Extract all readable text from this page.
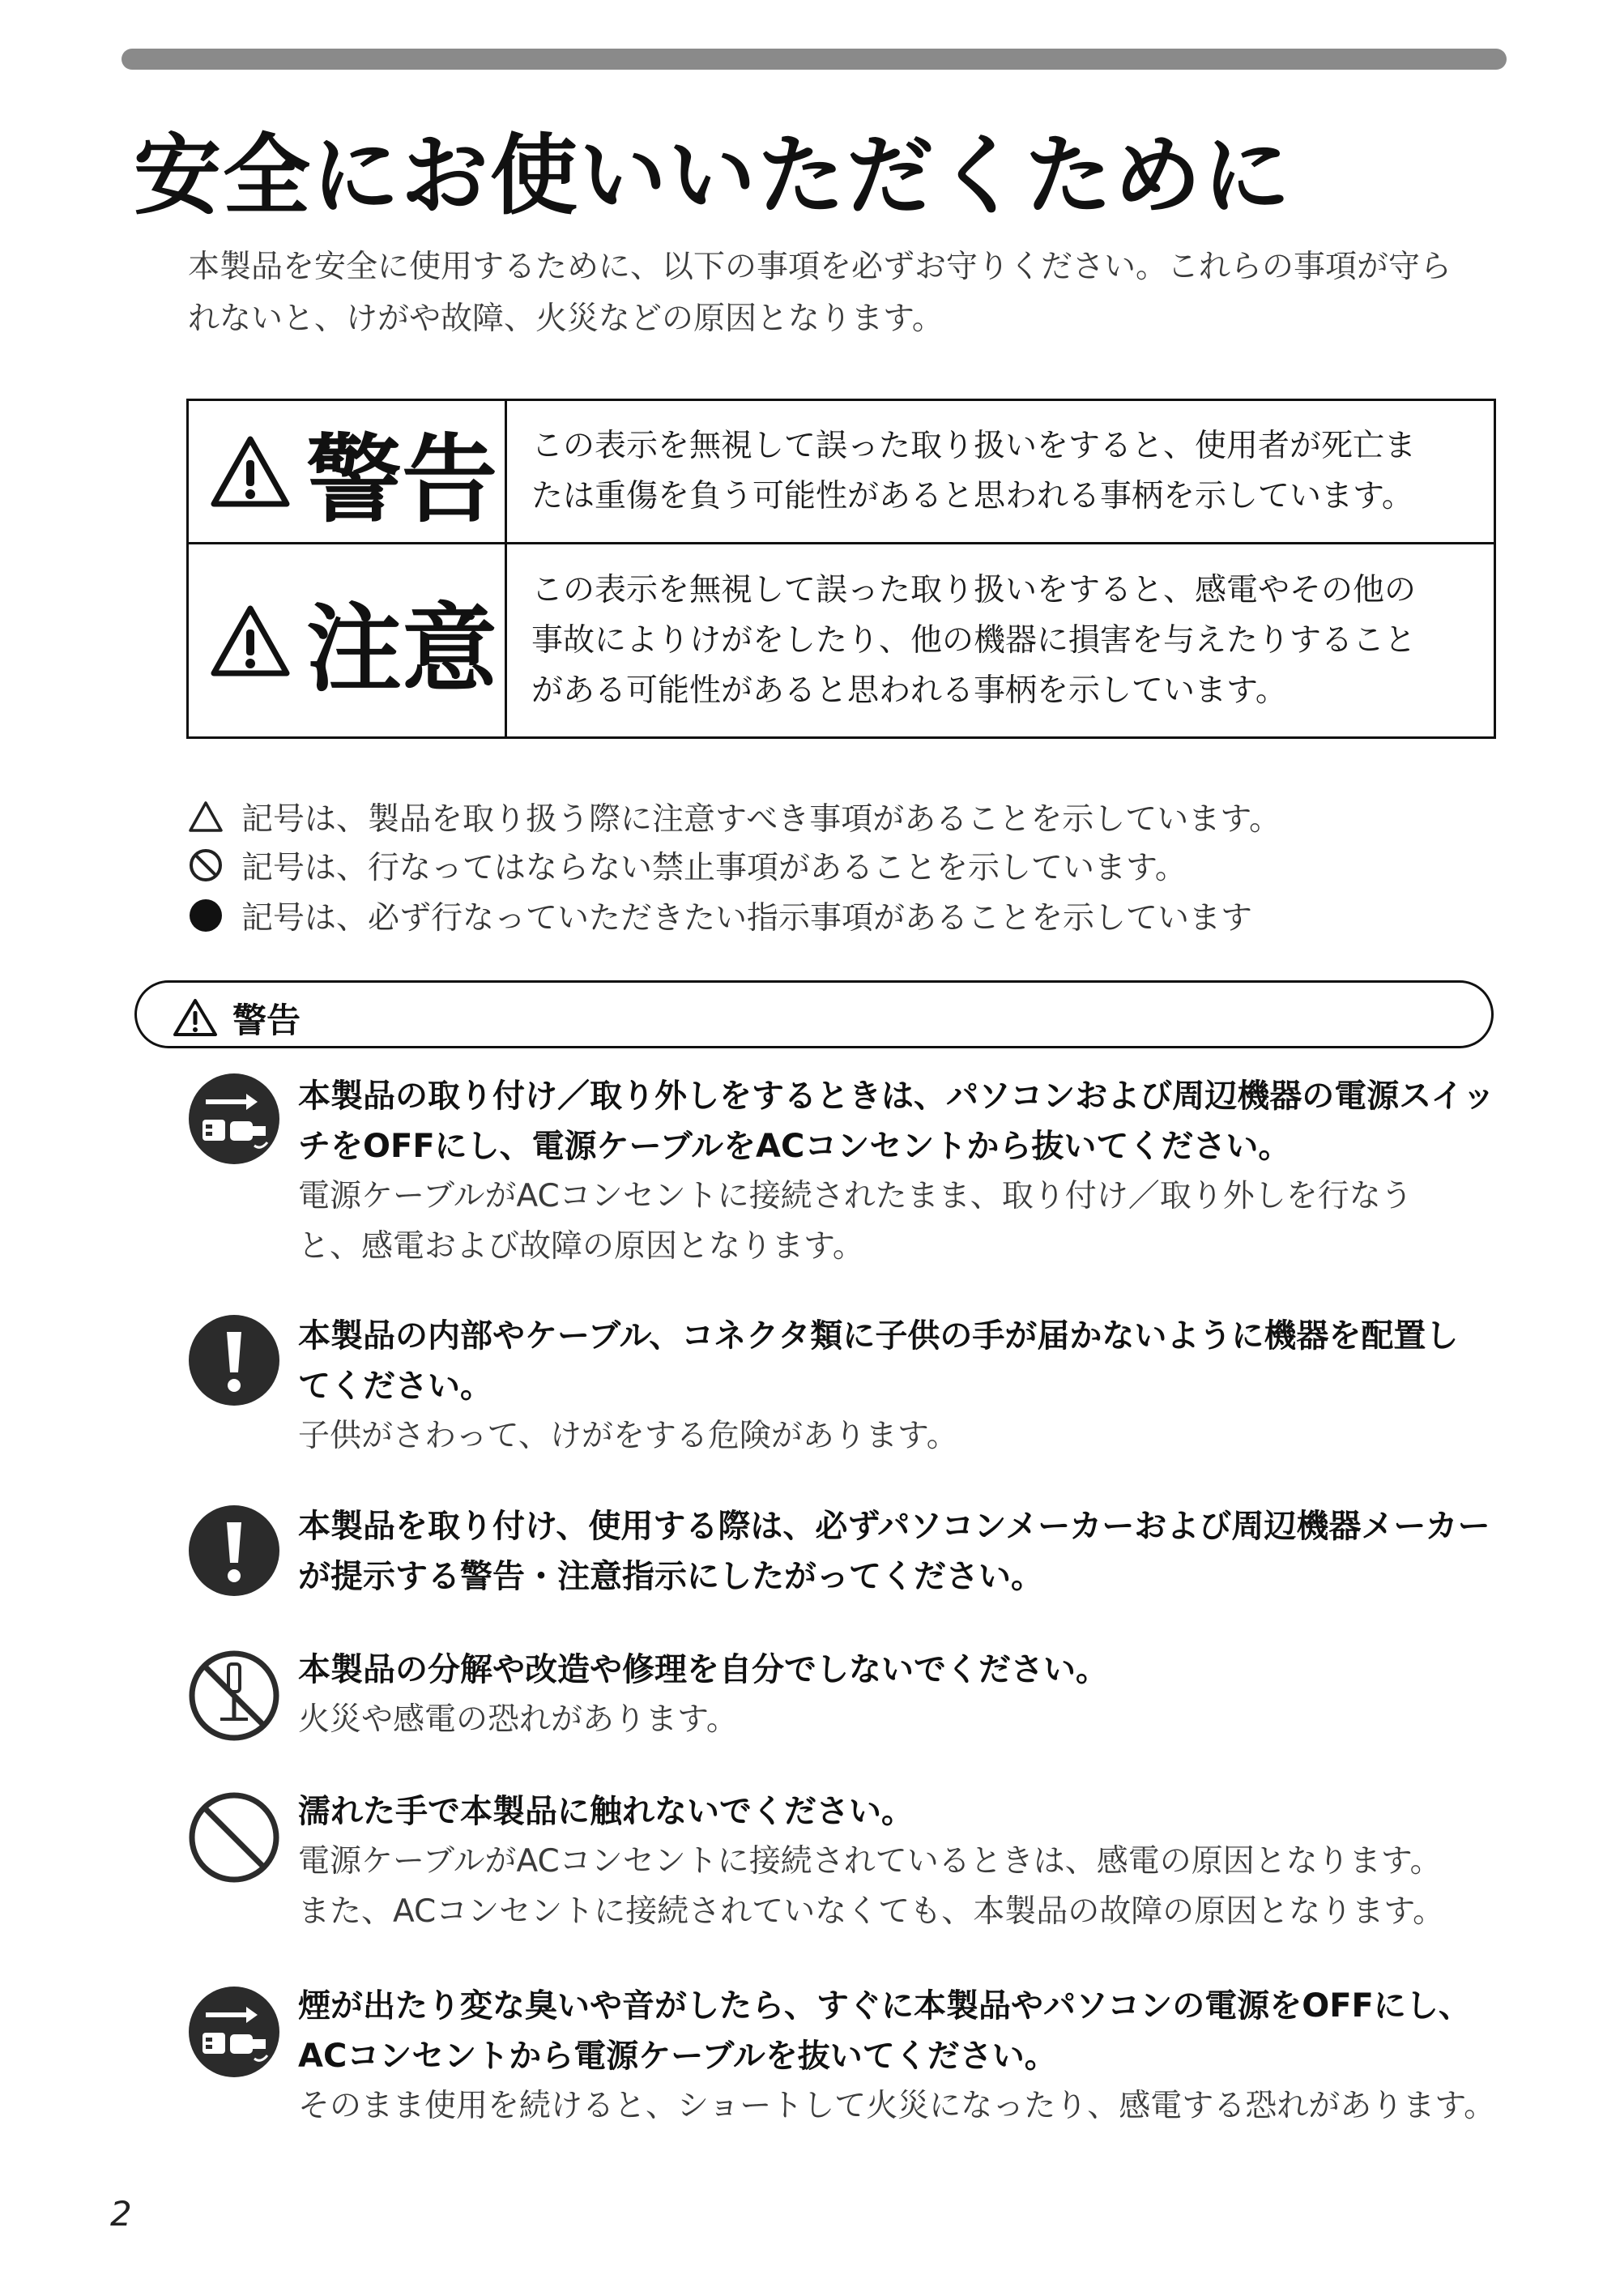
安全にお使いいただくために

本製品を安全に使用するために、以下の事項を必ずお守りください。これらの事項が守ら

れないと、けがや故障、火災などの原因となります。

警告 この表示を無視して誤った取り扱いをすると、使用者が死亡ま

たは重傷を負う可能性があると思われる事柄を示しています。

注意

この表示を無視して誤った取り扱いをすると、感電やその他の

事故によりけがをしたり、他の機器に損害を与えたりすること

がある可能性があると思われる事柄を示しています。

記号は、製品を取り扱う際に注意すべき事項があることを示しています。
記号は、行なってはならない禁止事項があることを示しています。
記号は、必ず行なっていただきたい指示事項があることを示しています
警告

本製品の取り付け／取り外しをするときは、パソコンおよび周辺機器の電源スイッ

チをOFFにし、電源ケーブルをACコンセントから抜いてください。

電源ケーブルがACコンセントに接続されたまま、取り付け／取り外しを行なう

と、感電および故障の原因となります。

本製品の内部やケーブル、コネクタ類に子供の手が届かないように機器を配置し

てください。

子供がさわって、けがをする危険があります。

本製品を取り付け、使用する際は、必ずパソコンメーカーおよび周辺機器メーカー

が提示する警告・注意指示にしたがってください。

本製品の分解や改造や修理を自分でしないでください。

火災や感電の恐れがあります。

濡れた手で本製品に触れないでください。

電源ケーブルがACコンセントに接続されているときは、感電の原因となります。

また、ACコンセントに接続されていなくても、本製品の故障の原因となります。

煙が出たり変な臭いや音がしたら、すぐに本製品やパソコンの電源をOFFにし、

ACコンセントから電源ケーブルを抜いてください。

そのまま使用を続けると、ショートして火災になったり、感電する恐れがあります。

2
